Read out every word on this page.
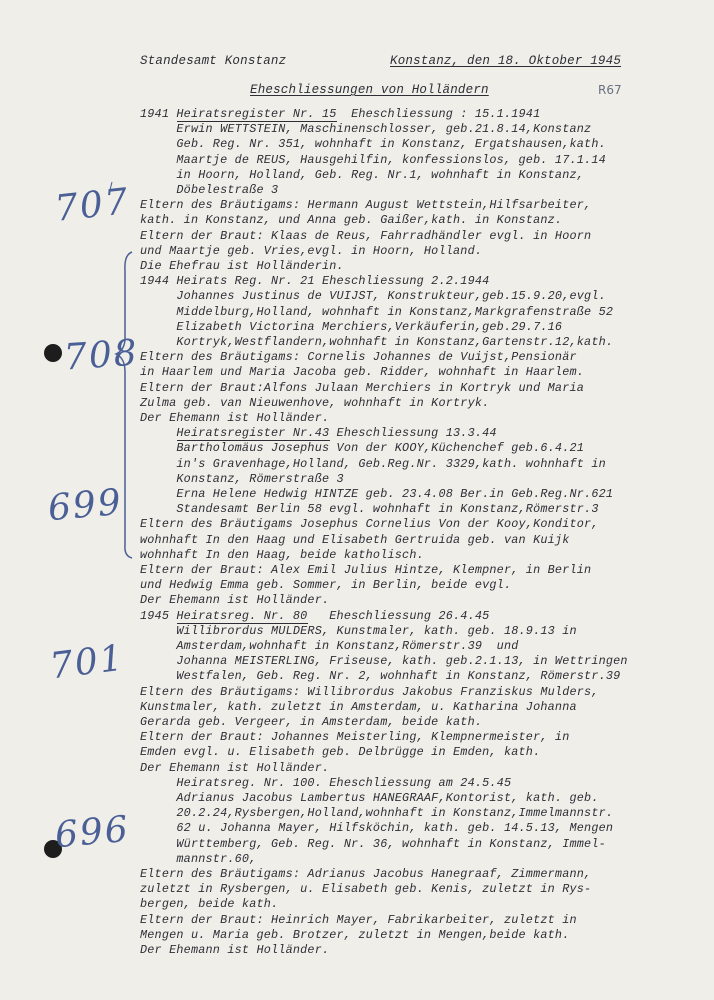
Standesamt Konstanz	Konstanz, den 18. Oktober 1945
Eheschliessungen von Holländern	R67
707
708
699
701
696
1941 Heiratsregister Nr. 15  Eheschliessung : 15.1.1941
Erwin WETTSTEIN, Maschinenschlosser, geb.21.8.14,Konstanz
Geb. Reg. Nr. 351, wohnhaft in Konstanz, Ergatshausen,kath.
Maartje de REUS, Hausgehilfin, konfessionslos, geb. 17.1.14
in Hoorn, Holland, Geb. Reg. Nr.1, wohnhaft in Konstanz,
Döbelestraße 3
Eltern des Bräutigams: Hermann August Wettstein,Hilfsarbeiter,
kath. in Konstanz, und Anna geb. Gaißer,kath. in Konstanz.
Eltern der Braut: Klaas de Reus, Fahrradhändler evgl. in Hoorn
und Maartje geb. Vries,evgl. in Hoorn, Holland.
Die Ehefrau ist Holländerin.
1944 Heirats Reg. Nr. 21 Eheschliessung 2.2.1944
Johannes Justinus de VUIJST, Konstrukteur,geb.15.9.20,evgl.
Middelburg,Holland, wohnhaft in Konstanz,Markgrafenstraße 52
Elizabeth Victorina Merchiers,Verkäuferin,geb.29.7.16
Kortryk,Westflandern,wohnhaft in Konstanz,Gartenstr.12,kath.
Eltern des Bräutigams: Cornelis Johannes de Vuijst,Pensionär
in Haarlem und Maria Jacoba geb. Ridder, wohnhaft in Haarlem.
Eltern der Braut:Alfons Julaan Merchiers in Kortryk und Maria
Zulma geb. van Nieuwenhove, wohnhaft in Kortryk.
Der Ehemann ist Holländer.
Heiratsregister Nr.43 Eheschliessung 13.3.44
Bartholomäus Josephus Von der KOOY,Küchenchef geb.6.4.21
in's Gravenhage,Holland, Geb.Reg.Nr. 3329,kath. wohnhaft in
Konstanz, Römerstraße 3
Erna Helene Hedwig HINTZE geb. 23.4.08 Ber.in Geb.Reg.Nr.621
Standesamt Berlin 58 evgl. wohnhaft in Konstanz,Römerstr.3
Eltern des Bräutigams Josephus Cornelius Von der Kooy,Konditor,
wohnhaft In den Haag und Elisabeth Gertruida geb. van Kuijk
wohnhaft In den Haag, beide katholisch.
Eltern der Braut: Alex Emil Julius Hintze, Klempner, in Berlin
und Hedwig Emma geb. Sommer, in Berlin, beide evgl.
Der Ehemann ist Holländer.
1945 Heiratsreg. Nr. 80   Eheschliessung 26.4.45
Willibrordus MULDERS, Kunstmaler, kath. geb. 18.9.13 in
Amsterdam,wohnhaft in Konstanz,Römerstr.39  und
Johanna MEISTERLING, Friseuse, kath. geb.2.1.13, in Wettringen
Westfalen, Geb. Reg. Nr. 2, wohnhaft in Konstanz, Römerstr.39
Eltern des Bräutigams: Willibrordus Jakobus Franziskus Mulders,
Kunstmaler, kath. zuletzt in Amsterdam, u. Katharina Johanna
Gerarda geb. Vergeer, in Amsterdam, beide kath.
Eltern der Braut: Johannes Meisterling, Klempnermeister, in
Emden evgl. u. Elisabeth geb. Delbrügge in Emden, kath.
Der Ehemann ist Holländer.
Heiratsreg. Nr. 100. Eheschliessung am 24.5.45
Adrianus Jacobus Lambertus HANEGRAAF,Kontorist, kath. geb.
20.2.24,Rysbergen,Holland,wohnhaft in Konstanz,Immelmannstr.
62 u. Johanna Mayer, Hilfsköchin, kath. geb. 14.5.13, Mengen
Württemberg, Geb. Reg. Nr. 36, wohnhaft in Konstanz, Immel-
mannstr.60,
Eltern des Bräutigams: Adrianus Jacobus Hanegraaf, Zimmermann,
zuletzt in Rysbergen, u. Elisabeth geb. Kenis, zuletzt in Rys-
bergen, beide kath.
Eltern der Braut: Heinrich Mayer, Fabrikarbeiter, zuletzt in
Mengen u. Maria geb. Brotzer, zuletzt in Mengen,beide kath.
Der Ehemann ist Holländer.
